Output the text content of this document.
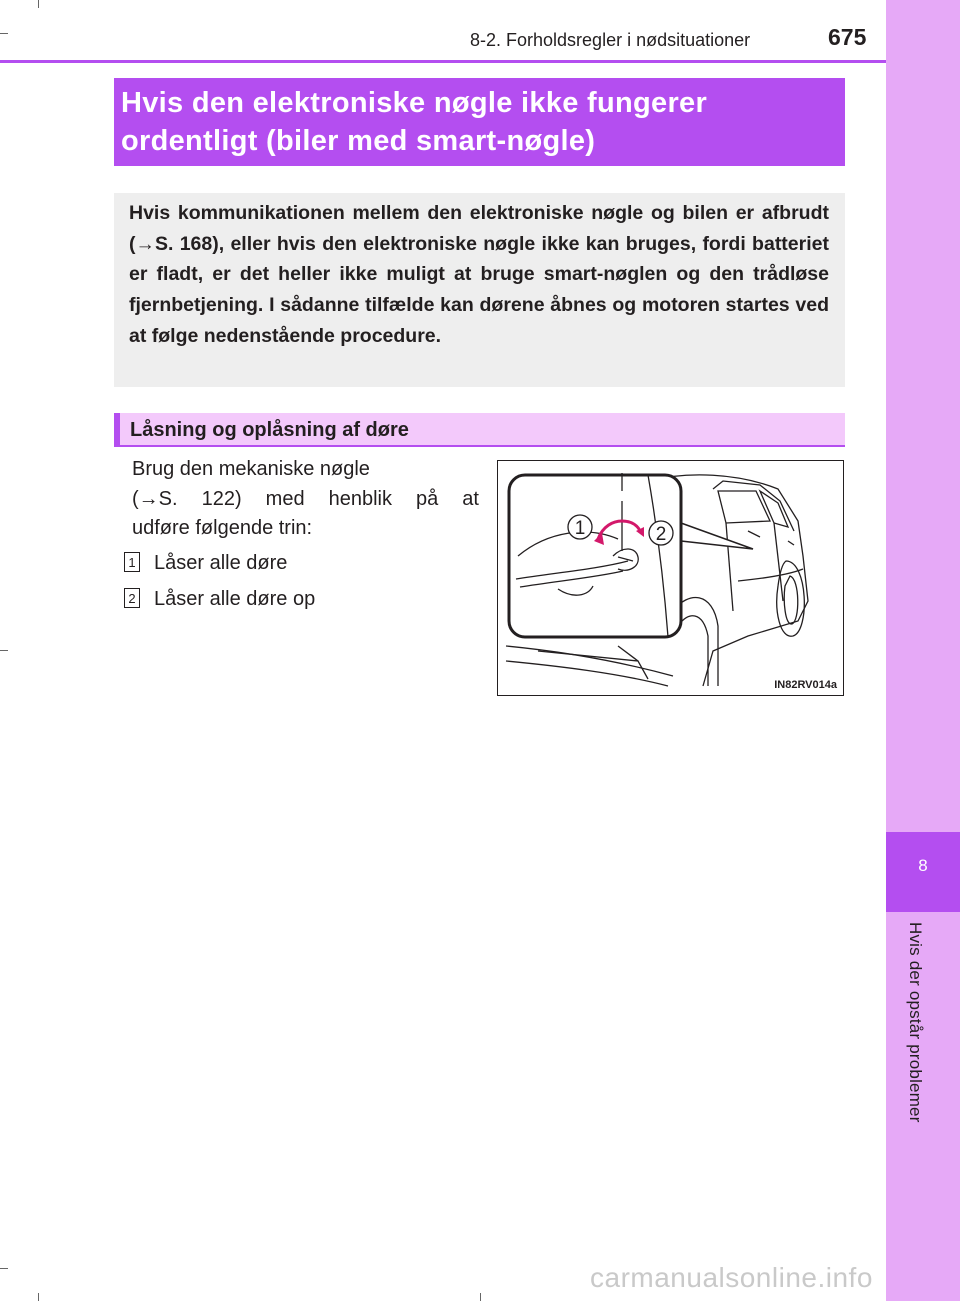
8
Hvis der opstår problemer
8-2. Forholdsregler i nødsituationer	675
Hvis den elektroniske nøgle ikke fungerer
ordentligt (biler med smart-nøgle)

Hvis kommunikationen mellem den elektroniske nøgle og bilen er afbrudt (→S. 168), eller hvis den elektroniske nøgle ikke kan bruges, fordi batteriet er fladt, er det heller ikke muligt at bruge smart-nøglen og den trådløse fjernbetjening. I sådanne tilfælde kan dørene åbnes og motoren startes ved at følge nedenstående procedure.

Låsning og oplåsning af døre
Brug den mekaniske nøgle
(→S. 122) med henblik på at
udføre følgende trin:
1 Låser alle døre
2 Låser alle døre op
1	2
IN82RV014a
carmanualsonline.info
